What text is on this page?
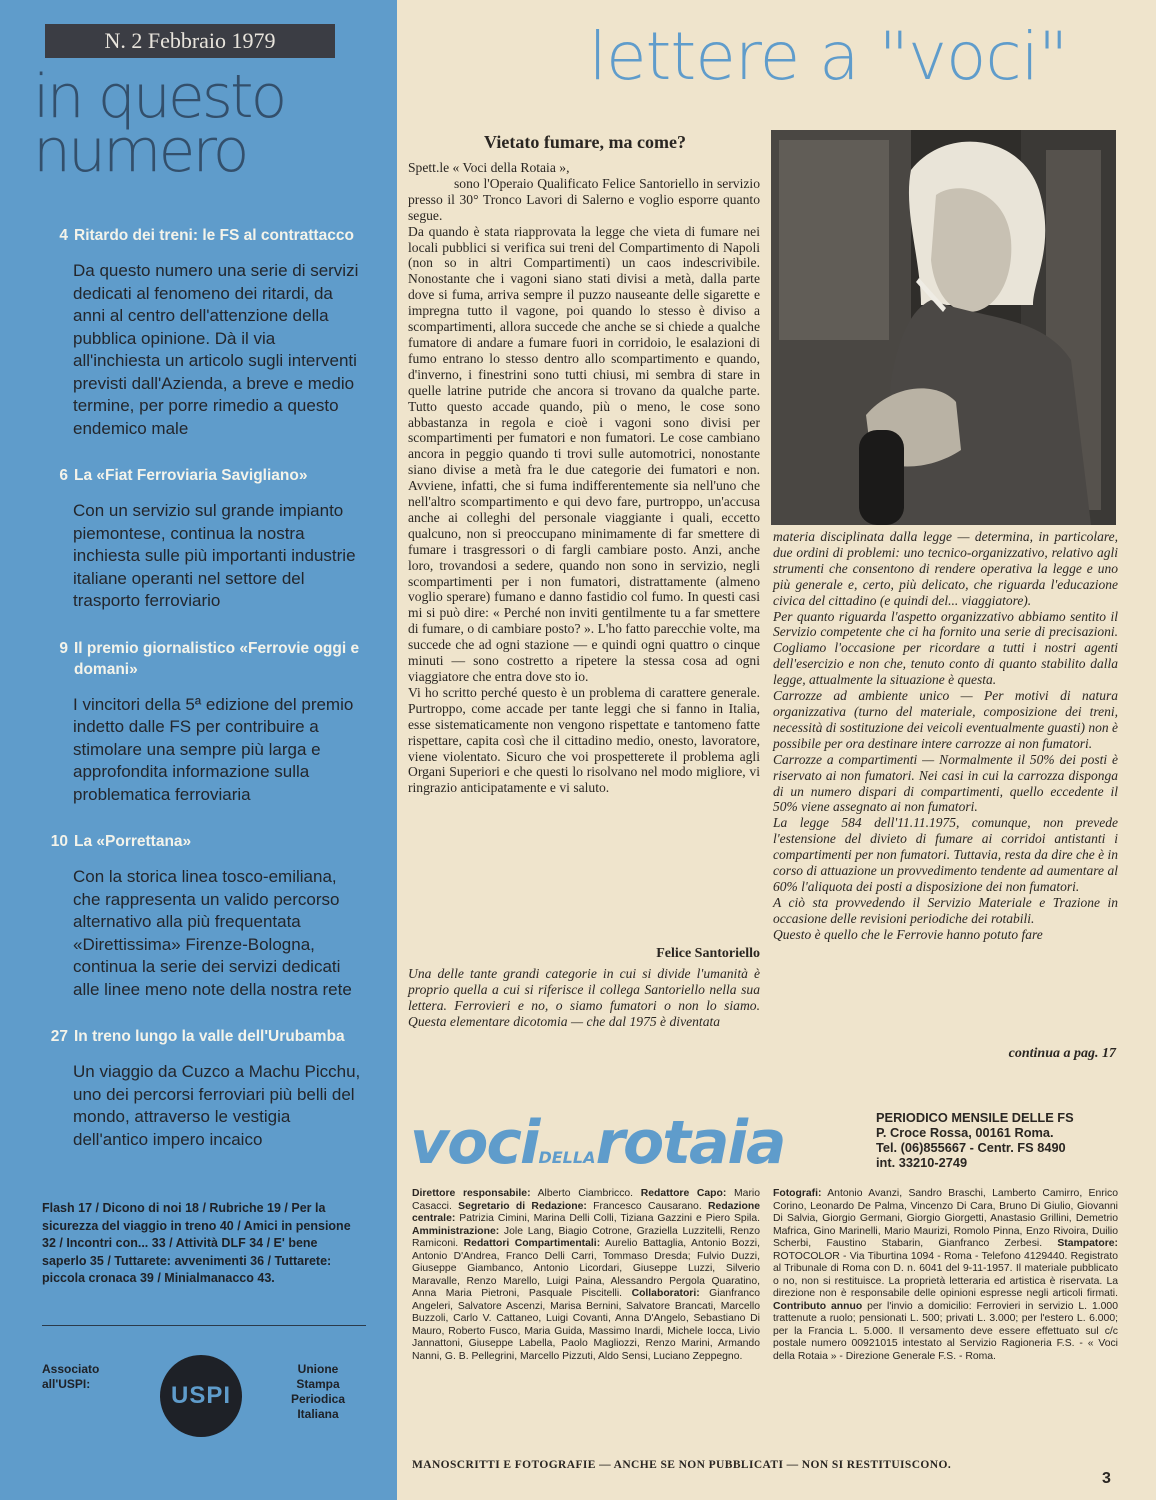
N. 2 Febbraio 1979
in questo numero
4 Ritardo dei treni: le FS al contrattacco
Da questo numero una serie di servizi dedicati al fenomeno dei ritardi, da anni al centro dell'attenzione della pubblica opinione. Dà il via all'inchiesta un articolo sugli interventi previsti dall'Azienda, a breve e medio termine, per porre rimedio a questo endemico male
6 La «Fiat Ferroviaria Savigliano»
Con un servizio sul grande impianto piemontese, continua la nostra inchiesta sulle più importanti industrie italiane operanti nel settore del trasporto ferroviario
9 Il premio giornalistico «Ferrovie oggi e domani»
I vincitori della 5ª edizione del premio indetto dalle FS per contribuire a stimolare una sempre più larga e approfondita informazione sulla problematica ferroviaria
10 La «Porrettana»
Con la storica linea tosco-emiliana, che rappresenta un valido percorso alternativo alla più frequentata «Direttissima» Firenze-Bologna, continua la serie dei servizi dedicati alle linee meno note della nostra rete
27 In treno lungo la valle dell'Urubamba
Un viaggio da Cuzco a Machu Picchu, uno dei percorsi ferroviari più belli del mondo, attraverso le vestigia dell'antico impero incaico
Flash 17 / Dicono di noi 18 / Rubriche 19 / Per la sicurezza del viaggio in treno 40 / Amici in pensione 32 / Incontri con... 33 / Attività DLF 34 / E' bene saperlo 35 / Tuttarete: avvenimenti 36 / Tuttarete: piccola cronaca 39 / Minialmanacco 43.
Associato all'USPI:	USPI
Unione Stampa Periodica Italiana
lettere a "voci"
Vietato fumare, ma come?

Spett.le « Voci della Rotaia »,

sono l'Operaio Qualificato Felice Santoriello in servizio presso il 30° Tronco Lavori di Salerno e voglio esporre quanto segue.

Da quando è stata riapprovata la legge che vieta di fumare nei locali pubblici si verifica sui treni del Compartimento di Napoli (non so in altri Compartimenti) un caos indescrivibile. Nonostante che i vagoni siano stati divisi a metà, dalla parte dove si fuma, arriva sempre il puzzo nauseante delle sigarette e impregna tutto il vagone, poi quando lo stesso è diviso a scompartimenti, allora succede che anche se si chiede a qualche fumatore di andare a fumare fuori in corridoio, le esalazioni di fumo entrano lo stesso dentro allo scompartimento e quando, d'inverno, i finestrini sono tutti chiusi, mi sembra di stare in quelle latrine putride che ancora si trovano da qualche parte. Tutto questo accade quando, più o meno, le cose sono abbastanza in regola e cioè i vagoni sono divisi per scompartimenti per fumatori e non fumatori. Le cose cambiano ancora in peggio quando ti trovi sulle automotrici, nonostante siano divise a metà fra le due categorie dei fumatori e non. Avviene, infatti, che si fuma indifferentemente sia nell'uno che nell'altro scompartimento e qui devo fare, purtroppo, un'accusa anche ai colleghi del personale viaggiante i quali, eccetto qualcuno, non si preoccupano minimamente di far smettere di fumare i trasgressori o di fargli cambiare posto. Anzi, anche loro, trovandosi a sedere, quando non sono in servizio, negli scompartimenti per i non fumatori, distrattamente (almeno voglio sperare) fumano e danno fastidio col fumo. In questi casi mi si può dire: « Perché non inviti gentilmente tu a far smettere di fumare, o di cambiare posto? ». L'ho fatto parecchie volte, ma succede che ad ogni stazione — e quindi ogni quattro o cinque minuti — sono costretto a ripetere la stessa cosa ad ogni viaggiatore che entra dove sto io.

Vi ho scritto perché questo è un problema di carattere generale. Purtroppo, come accade per tante leggi che si fanno in Italia, esse sistematicamente non vengono rispettate e tantomeno fatte rispettare, capita così che il cittadino medio, onesto, lavoratore, viene violentato. Sicuro che voi prospetterete il problema agli Organi Superiori e che questi lo risolvano nel modo migliore, vi ringrazio anticipatamente e vi saluto.

Felice Santoriello

Una delle tante grandi categorie in cui si divide l'umanità è proprio quella a cui si riferisce il collega Santoriello nella sua lettera. Ferrovieri e no, o siamo fumatori o non lo siamo. Questa elementare dicotomia — che dal 1975 è diventata

materia disciplinata dalla legge — determina, in particolare, due ordini di problemi: uno tecnico-organizzativo, relativo agli strumenti che consentono di rendere operativa la legge e uno più generale e, certo, più delicato, che riguarda l'educazione civica del cittadino (e quindi del... viaggiatore).

Per quanto riguarda l'aspetto organizzativo abbiamo sentito il Servizio competente che ci ha fornito una serie di precisazioni. Cogliamo l'occasione per ricordare a tutti i nostri agenti dell'esercizio e non che, tenuto conto di quanto stabilito dalla legge, attualmente la situazione è questa.

Carrozze ad ambiente unico — Per motivi di natura organizzativa (turno del materiale, composizione dei treni, necessità di sostituzione dei veicoli eventualmente guasti) non è possibile per ora destinare intere carrozze ai non fumatori.

Carrozze a compartimenti — Normalmente il 50% dei posti è riservato ai non fumatori. Nei casi in cui la carrozza disponga di un numero dispari di compartimenti, quello eccedente il 50% viene assegnato ai non fumatori.

La legge 584 dell'11.11.1975, comunque, non prevede l'estensione del divieto di fumare ai corridoi antistanti i compartimenti per non fumatori. Tuttavia, resta da dire che è in corso di attuazione un provvedimento tendente ad aumentare al 60% l'aliquota dei posti a disposizione dei non fumatori.

A ciò sta provvedendo il Servizio Materiale e Trazione in occasione delle revisioni periodiche dei rotabili.

Questo è quello che le Ferrovie hanno potuto fare

continua a pag. 17
vociDELLArotaia	PERIODICO MENSILE DELLE FS
P. Croce Rossa, 00161 Roma.
Tel. (06)855667 - Centr. FS 8490
int. 33210-2749
Direttore responsabile: Alberto Ciambricco. Redattore Capo: Mario Casacci. Segretario di Redazione: Francesco Causarano. Redazione centrale: Patrizia Cimini, Marina Delli Colli, Tiziana Gazzini e Piero Spila. Amministrazione: Jole Lang, Biagio Cotrone, Graziella Luzzitelli, Renzo Ramiconi. Redattori Compartimentali: Aurelio Battaglia, Antonio Bozzi, Antonio D'Andrea, Franco Delli Carri, Tommaso Dresda; Fulvio Duzzi, Giuseppe Giambanco, Antonio Licordari, Giuseppe Luzzi, Silverio Maravalle, Renzo Marello, Luigi Paina, Alessandro Pergola Quaratino, Anna Maria Pietroni, Pasquale Piscitelli. Collaboratori: Gianfranco Angeleri, Salvatore Ascenzi, Marisa Bernini, Salvatore Brancati, Marcello Buzzoli, Carlo V. Cattaneo, Luigi Covanti, Anna D'Angelo, Sebastiano Di Mauro, Roberto Fusco, Maria Guida, Massimo Inardi, Michele Iocca, Livio Jannattoni, Giuseppe Labella, Paolo Magliozzi, Renzo Marini, Armando Nanni, G. B. Pellegrini, Marcello Pizzuti, Aldo Sensi, Luciano Zeppegno.
Fotografi: Antonio Avanzi, Sandro Braschi, Lamberto Camirro, Enrico Corino, Leonardo De Palma, Vincenzo Di Cara, Bruno Di Giulio, Giovanni Di Salvia, Giorgio Germani, Giorgio Giorgetti, Anastasio Grillini, Demetrio Mafrica, Gino Marinelli, Mario Maurizi, Romolo Pinna, Enzo Rivoira, Duilio Scherbi, Faustino Stabarin, Gianfranco Zerbesi. Stampatore: ROTOCOLOR - Via Tiburtina 1094 - Roma - Telefono 4129440. Registrato al Tribunale di Roma con D. n. 6041 del 9-11-1957. Il materiale pubblicato o no, non si restituisce. La proprietà letteraria ed artistica è riservata. La direzione non è responsabile delle opinioni espresse negli articoli firmati. Contributo annuo per l'invio a domicilio: Ferrovieri in servizio L. 1.000 trattenute a ruolo; pensionati L. 500; privati L. 3.000; per l'estero L. 6.000; per la Francia L. 5.000. Il versamento deve essere effettuato sul c/c postale numero 00921015 intestato al Servizio Ragioneria F.S. - « Voci della Rotaia » - Direzione Generale F.S. - Roma.
MANOSCRITTI E FOTOGRAFIE — ANCHE SE NON PUBBLICATI — NON SI RESTITUISCONO.
3
